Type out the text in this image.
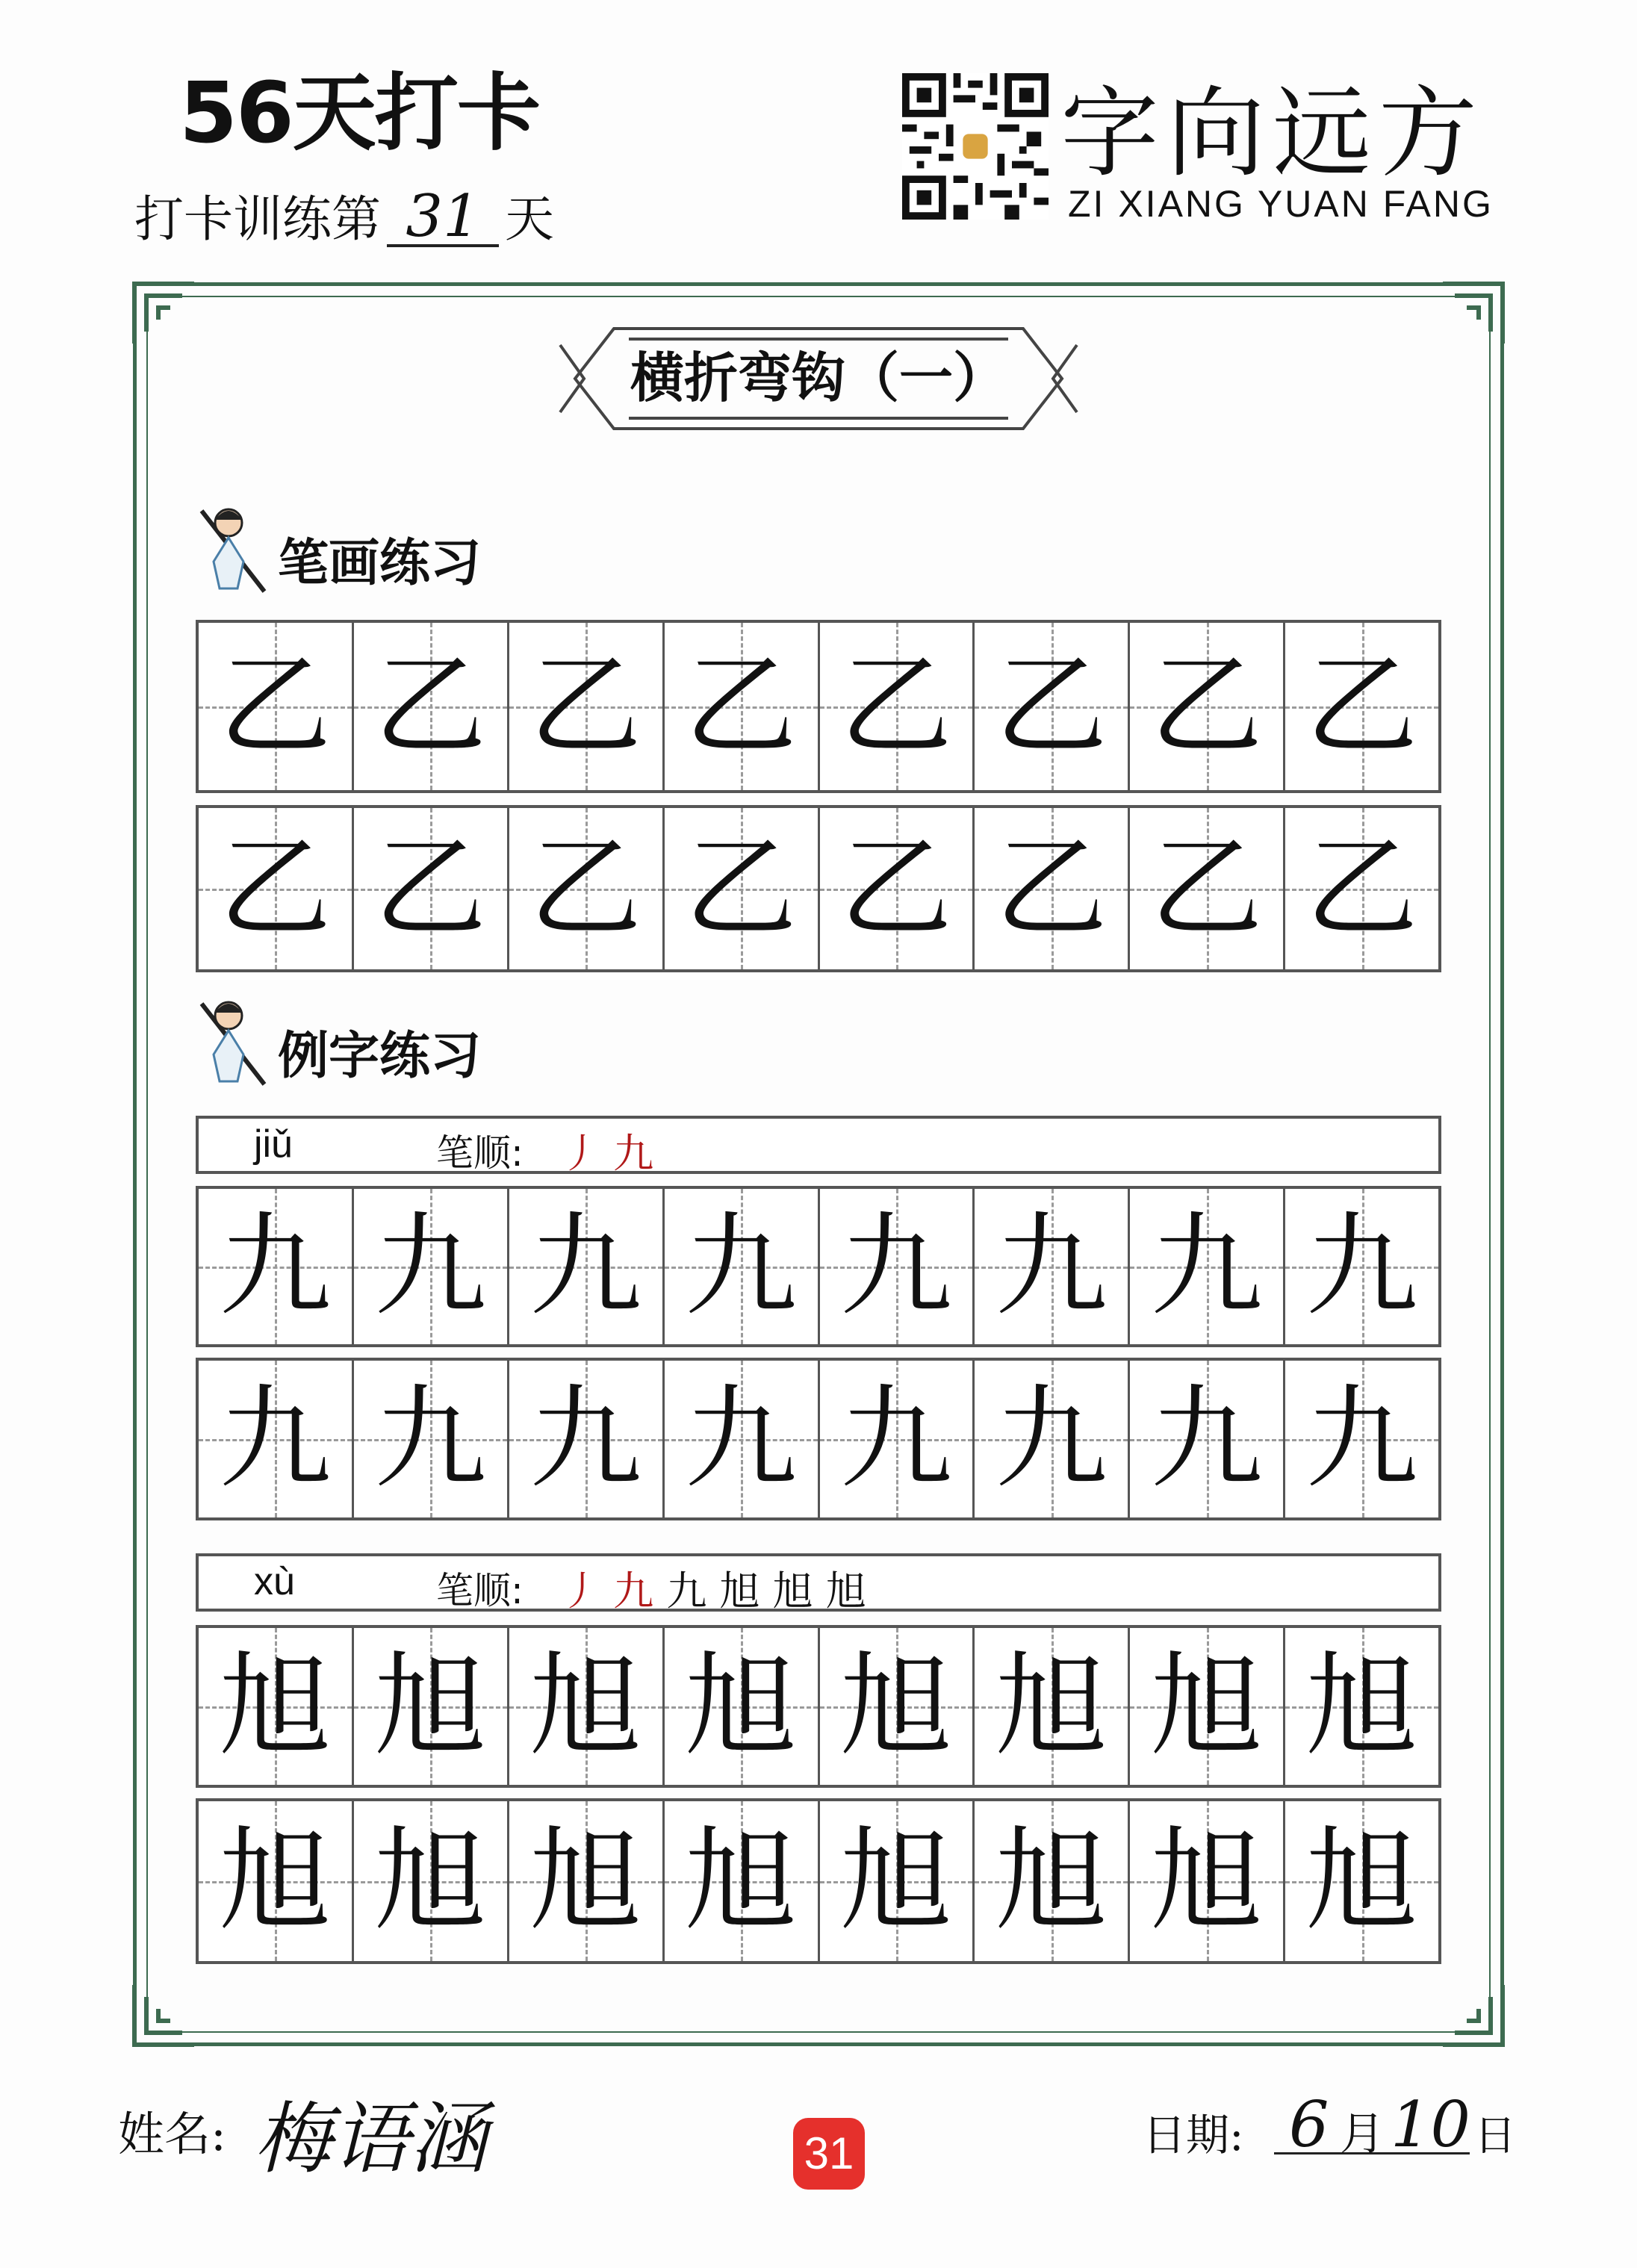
56天打卡
打卡训练第 31 天
字向远方
ZI XIANG YUAN FANG
横折弯钩（一）
笔画练习
乙 乙 乙 乙 乙 乙 乙 乙
乙 乙 乙 乙 乙 乙 乙 乙
例字练习
jiǔ	笔顺: 丿 九
九 九 九 九 九 九 九 九
九 九 九 九 九 九 九 九
xù	笔顺: 丿 九 九 旭 旭 旭
旭 旭 旭 旭 旭 旭 旭 旭
旭 旭 旭 旭 旭 旭 旭 旭
姓名: 梅语涵	31	日期: 6 月 10 日
